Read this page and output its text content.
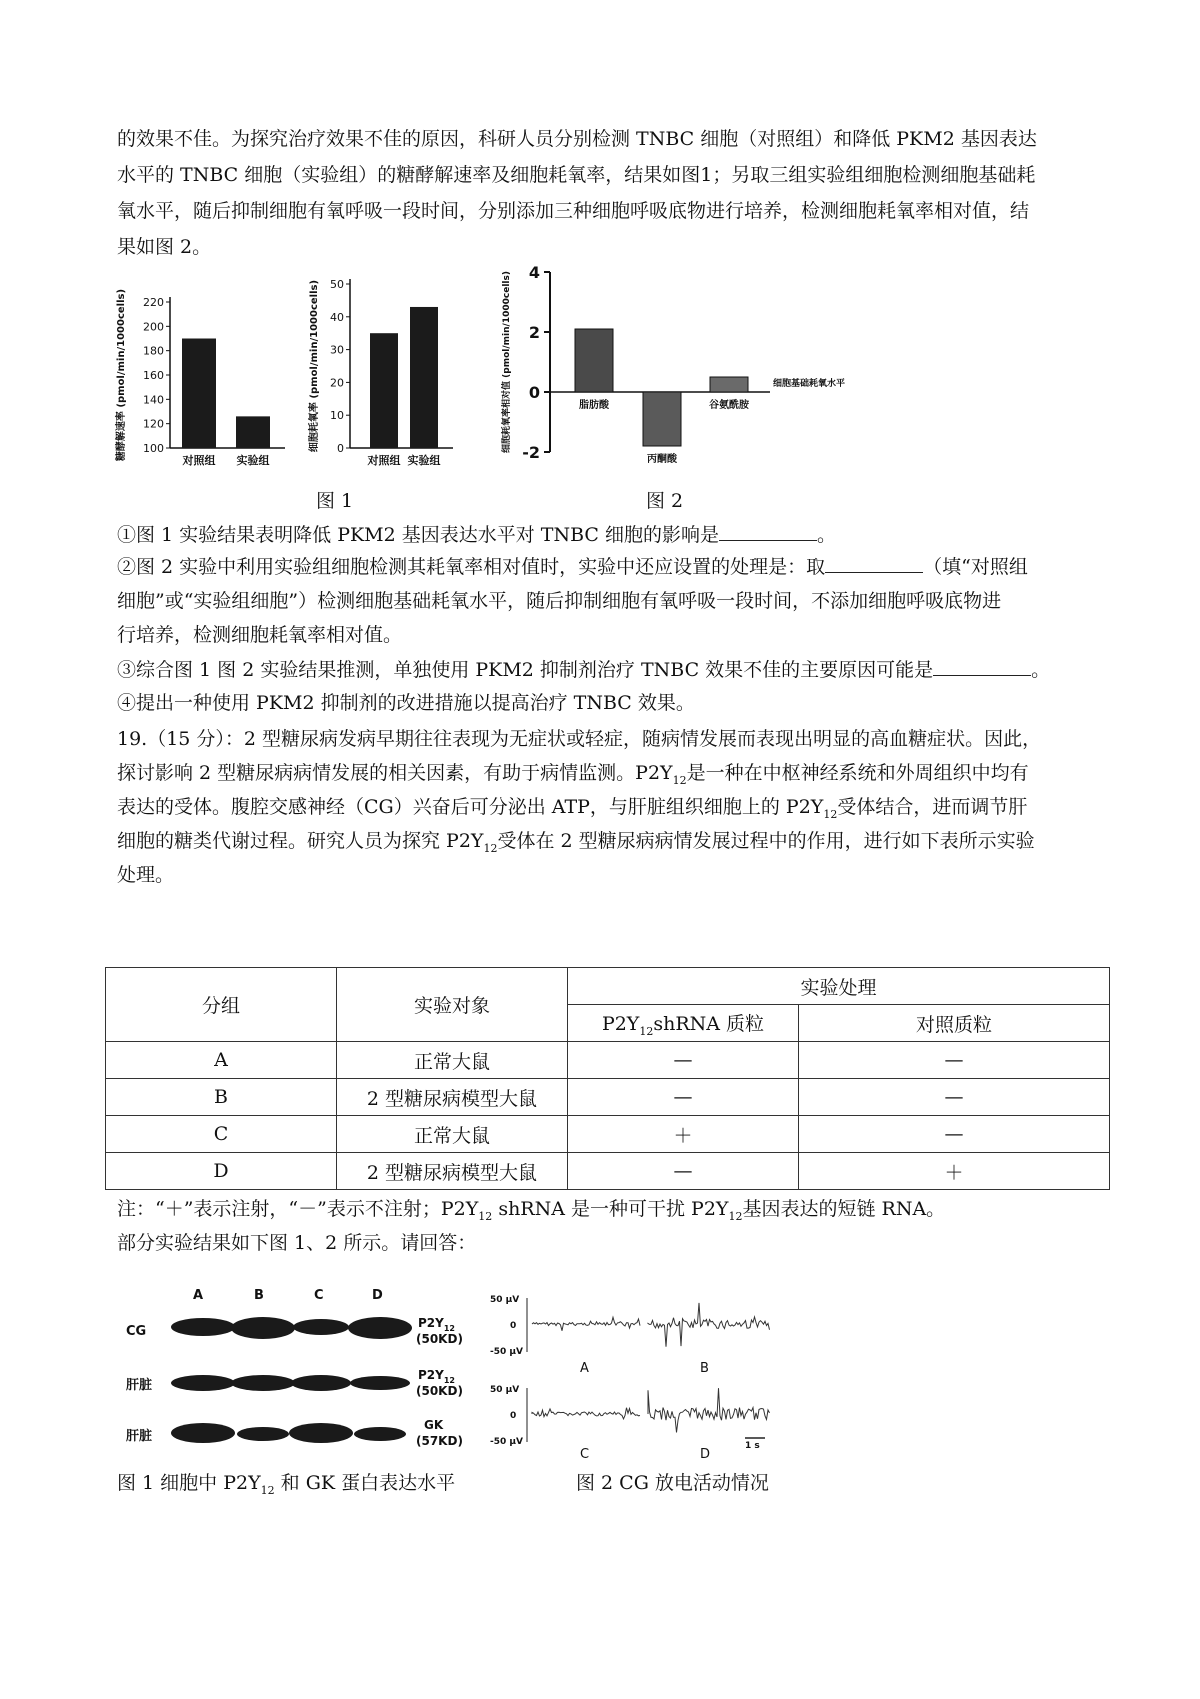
的效果不佳。为探究治疗效果不佳的原因，科研人员分别检测 TNBC 细胞（对照组）和降低 PKM2 基因表达
水平的 TNBC 细胞（实验组）的糖酵解速率及细胞耗氧率，结果如图1；另取三组实验组细胞检测细胞基础耗
氧水平，随后抑制细胞有氧呼吸一段时间，分别添加三种细胞呼吸底物进行培养，检测细胞耗氧率相对值，结
果如图 2。
100
120
140
160
180
200
220
对照组 实验组
糖酵解速率 (pmol/min/1000cells)	0
10
20
30
40
50
对照组 实验组
细胞耗氧率 (pmol/min/1000cells)
-2
0
2
4
脂肪酸
丙酮酸
谷氨酰胺
细胞基础耗氧水平
细胞耗氧率相对值 (pmol/min/1000cells)
图 1	图 2
①图 1 实验结果表明降低 PKM2 基因表达水平对 TNBC 细胞的影响是	。
②图 2 实验中利用实验组细胞检测其耗氧率相对值时，实验中还应设置的处理是：取	（填“对照组
细胞”或“实验组细胞”）检测细胞基础耗氧水平，随后抑制细胞有氧呼吸一段时间，不添加细胞呼吸底物进
行培养，检测细胞耗氧率相对值。
③综合图 1 图 2 实验结果推测，单独使用 PKM2 抑制剂治疗 TNBC 效果不佳的主要原因可能是	。
④提出一种使用 PKM2 抑制剂的改进措施以提高治疗 TNBC 效果。
19.（15 分）：2 型糖尿病发病早期往往表现为无症状或轻症，随病情发展而表现出明显的高血糖症状。因此，
探讨影响 2 型糖尿病病情发展的相关因素，有助于病情监测。$P2Y_{12}$是一种在中枢神经系统和外周组织中均有
表达的受体。腹腔交感神经（CG）兴奋后可分泌出 ATP，与肝脏组织细胞上的 $P2Y_{12}$受体结合，进而调节肝
细胞的糖类代谢过程。研究人员为探究 $P2Y_{12}$受体在 2 型糖尿病病情发展过程中的作用，进行如下表所示实验
处理。
分组	实验对象	实验处理	
		$P2Y_{12}shRNA$ 质粒	对照质粒
A	正常大鼠	—	—
B	2 型糖尿病模型大鼠	—	—
C	正常大鼠	＋	—
D	2 型糖尿病模型大鼠	—	＋
注：“＋”表示注射，“－”表示不注射；$P2Y_{12}$ shRNA 是一种可干扰 $P2Y_{12}$基因表达的短链 RNA。
部分实验结果如下图 1、2 所示。请回答：
A	B	C	D
CG
肝脏
肝脏
$P2Y_{12}$
(50KD)
$P2Y_{12}$
(50KD)
GK
(57KD)
50 μV
0
-50 μV
50 μV
0
-50 μV
A	B
C	D
1 s
图 1 细胞中 $P2Y_{12}$ 和 GK 蛋白表达水平	图 2 CG 放电活动情况
